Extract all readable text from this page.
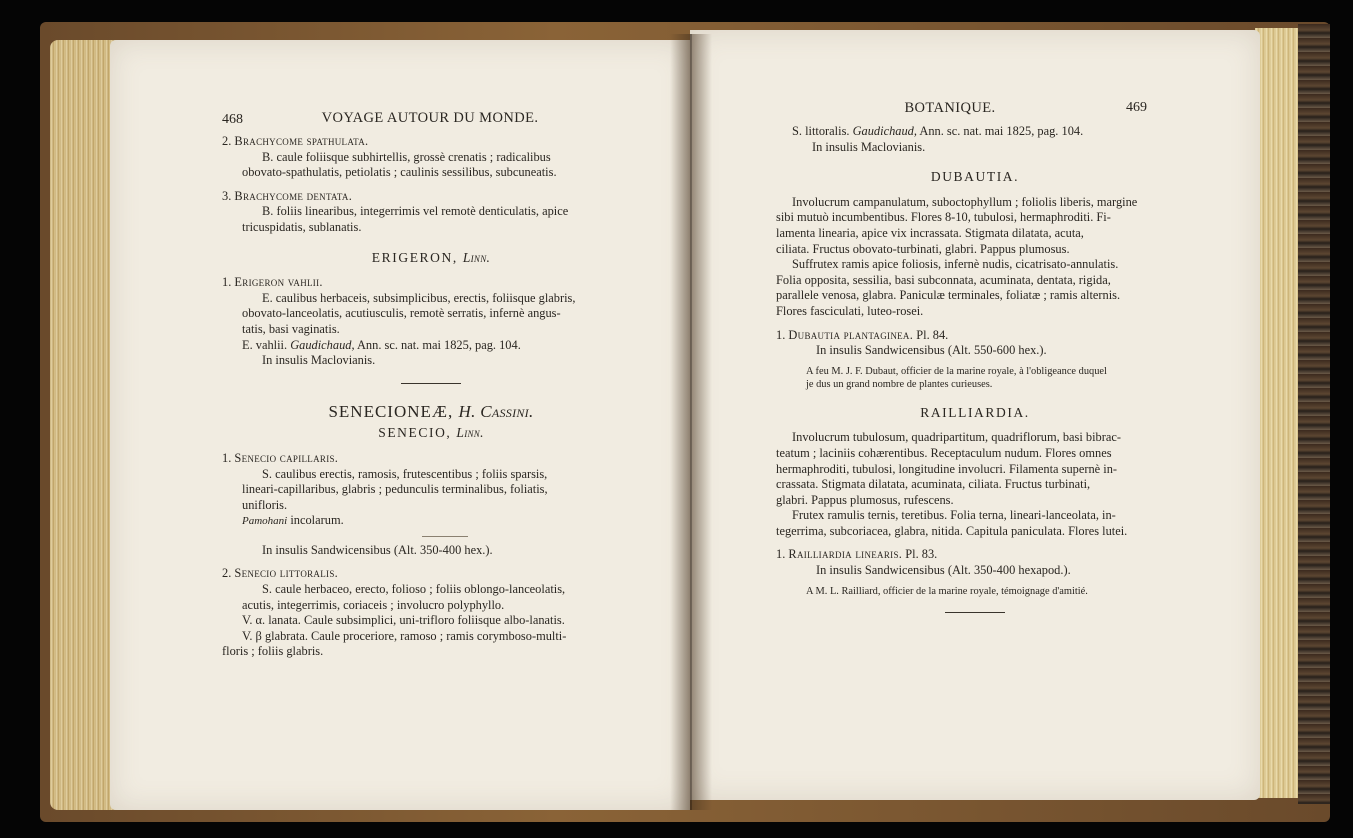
468	VOYAGE AUTOUR DU MONDE.
2. Brachycome spathulata.
B. caule foliisque subhirtellis, grossè crenatis ; radicalibus
obovato-spathulatis, petiolatis ; caulinis sessilibus, subcuneatis.
3. Brachycome dentata.
B. foliis linearibus, integerrimis vel remotè denticulatis, apice
tricuspidatis, sublanatis.
ERIGERON, Linn.
1. Erigeron vahlii.
E. caulibus herbaceis, subsimplicibus, erectis, foliisque glabris,
obovato-lanceolatis, acutiusculis, remotè serratis, infernè angus-
tatis, basi vaginatis.
E. vahlii. Gaudichaud, Ann. sc. nat. mai 1825, pag. 104.
In insulis Maclovianis.
SENECIONEÆ, H. Cassini.
SENECIO, Linn.
1. Senecio capillaris.
S. caulibus erectis, ramosis, frutescentibus ; foliis sparsis,
lineari-capillaribus, glabris ; pedunculis terminalibus, foliatis,
unifloris.
Pamohani incolarum.
In insulis Sandwicensibus (Alt. 350-400 hex.).
2. Senecio littoralis.
S. caule herbaceo, erecto, folioso ; foliis oblongo-lanceolatis,
acutis, integerrimis, coriaceis ; involucro polyphyllo.
V. α. lanata. Caule subsimplici, uni-trifloro foliisque albo-lanatis.
V. β glabrata. Caule proceriore, ramoso ; ramis corymboso-multi-
floris ; foliis glabris.
BOTANIQUE.	469
S. littoralis. Gaudichaud, Ann. sc. nat. mai 1825, pag. 104.
In insulis Maclovianis.
DUBAUTIA.
Involucrum campanulatum, suboctophyllum ; foliolis liberis, margine
sibi mutuò incumbentibus. Flores 8-10, tubulosi, hermaphroditi. Fi-
lamenta linearia, apice vix incrassata. Stigmata dilatata, acuta,
ciliata. Fructus obovato-turbinati, glabri. Pappus plumosus.
Suffrutex ramis apice foliosis, infernè nudis, cicatrisato-annulatis.
Folia opposita, sessilia, basi subconnata, acuminata, dentata, rigida,
parallele venosa, glabra. Paniculæ terminales, foliatæ ; ramis alternis.
Flores fasciculati, luteo-rosei.
1. Dubautia plantaginea. Pl. 84.
In insulis Sandwicensibus (Alt. 550-600 hex.).
A feu M. J. F. Dubaut, officier de la marine royale, à l'obligeance duquel
je dus un grand nombre de plantes curieuses.
RAILLIARDIA.
Involucrum tubulosum, quadripartitum, quadriflorum, basi bibrac-
teatum ; laciniis cohærentibus. Receptaculum nudum. Flores omnes
hermaphroditi, tubulosi, longitudine involucri. Filamenta supernè in-
crassata. Stigmata dilatata, acuminata, ciliata. Fructus turbinati,
glabri. Pappus plumosus, rufescens.
Frutex ramulis ternis, teretibus. Folia terna, lineari-lanceolata, in-
tegerrima, subcoriacea, glabra, nitida. Capitula paniculata. Flores lutei.
1. Railliardia linearis. Pl. 83.
In insulis Sandwicensibus (Alt. 350-400 hexapod.).
A M. L. Railliard, officier de la marine royale, témoignage d'amitié.
